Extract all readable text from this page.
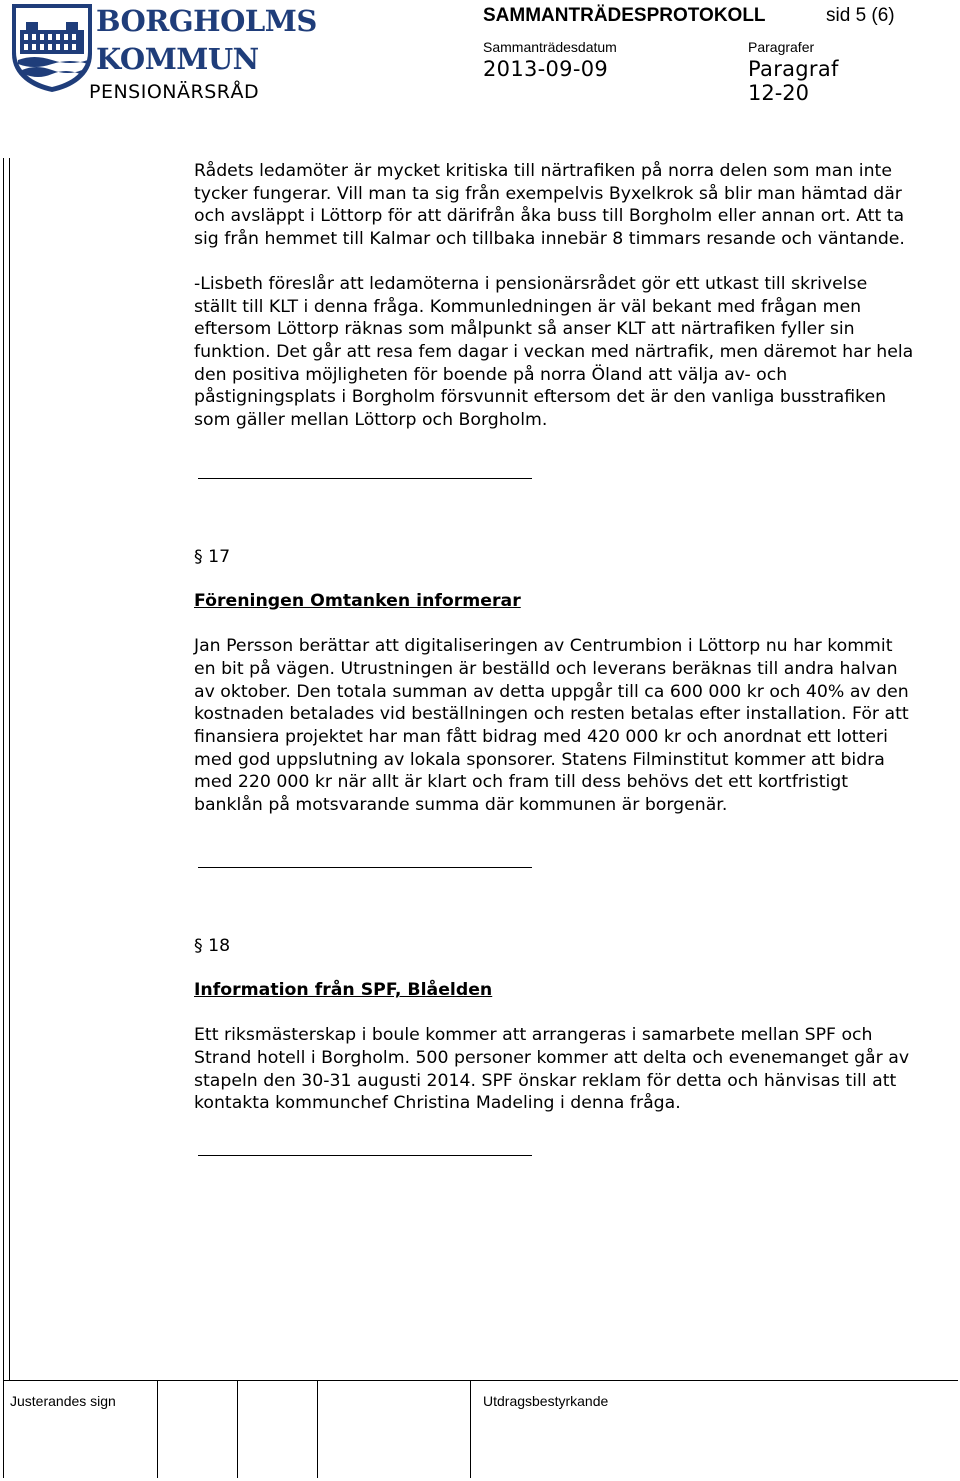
BORGHOLMS
KOMMUN
PENSIONÄRSRÅD
SAMMANTRÄDESPROTOKOLL	sid 5 (6)
Sammanträdesdatum
2013-09-09
Paragrafer
Paragraf
12-20

Rådets ledamöter är mycket kritiska till närtrafiken på norra delen som man inte tycker fungerar. Vill man ta sig från exempelvis Byxelkrok så blir man hämtad där och avsläppt i Löttorp för att därifrån åka buss till Borgholm eller annan ort. Att ta sig från hemmet till Kalmar och tillbaka innebär 8 timmars resande och väntande.

-Lisbeth föreslår att ledamöterna i pensionärsrådet gör ett utkast till skrivelse ställt till KLT i denna fråga. Kommunledningen är väl bekant med frågan men eftersom Löttorp räknas som målpunkt så anser KLT att närtrafiken fyller sin funktion. Det går att resa fem dagar i veckan med närtrafik, men däremot har hela den positiva möjligheten för boende på norra Öland att välja av- och påstigningsplats i Borgholm försvunnit eftersom det är den vanliga busstrafiken som gäller mellan Löttorp och Borgholm.

§ 17

Föreningen Omtanken informerar

Jan Persson berättar att digitaliseringen av Centrumbion i Löttorp nu har kommit en bit på vägen. Utrustningen är beställd och leverans beräknas till andra halvan av oktober. Den totala summan av detta uppgår till ca 600 000 kr och 40% av den kostnaden betalades vid beställningen och resten betalas efter installation. För att finansiera projektet har man fått bidrag med 420 000 kr och anordnat ett lotteri med god uppslutning av lokala sponsorer. Statens Filminstitut kommer att bidra med 220 000 kr när allt är klart och fram till dess behövs det ett kortfristigt banklån på motsvarande summa där kommunen är borgenär.

§ 18

Information från SPF, Blåelden

Ett riksmästerskap i boule kommer att arrangeras i samarbete mellan SPF och Strand hotell i Borgholm. 500 personer kommer att delta och evenemanget går av stapeln den 30-31 augusti 2014. SPF önskar reklam för detta och hänvisas till att kontakta kommunchef Christina Madeling i denna fråga.

Justerandes sign	Utdragsbestyrkande
